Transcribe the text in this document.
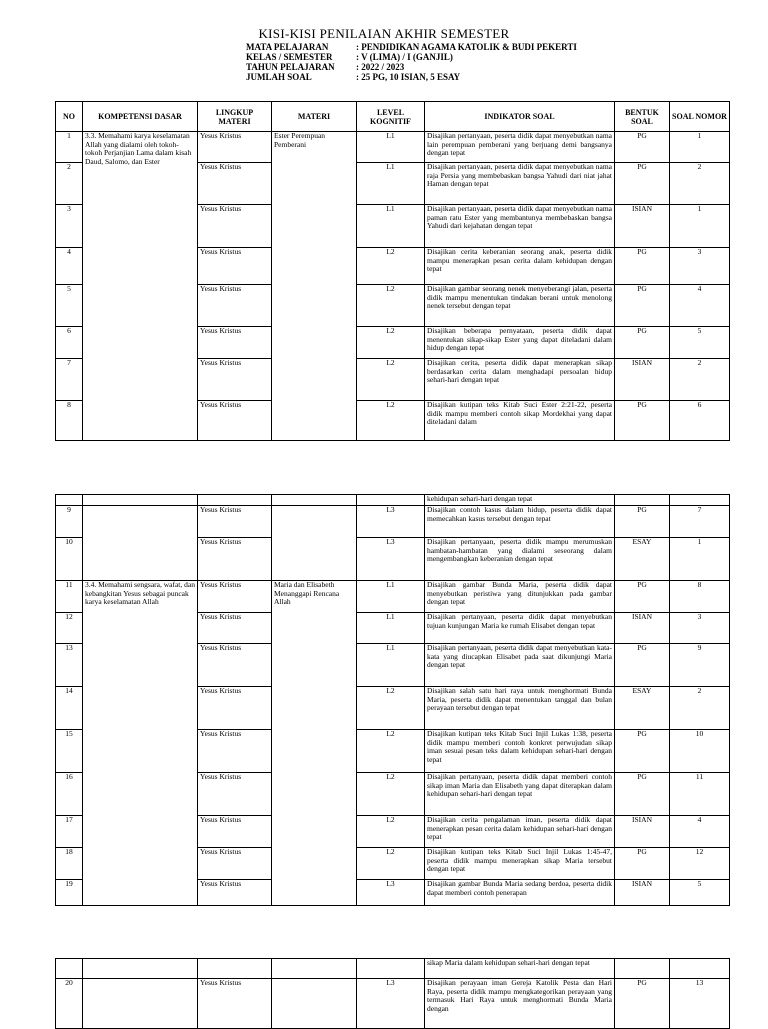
KISI-KISI PENILAIAN AKHIR SEMESTER
MATA PELAJARAN	: PENDIDIKAN AGAMA KATOLIK & BUDI PEKERTI
KELAS / SEMESTER	: V (LIMA) / I (GANJIL)
TAHUN PELAJARAN : 2022 / 2023
JUMLAH SOAL	: 25 PG, 10 ISIAN, 5 ESAY
NO	KOMPETENSI DASAR	LINGKUP MATERI	MATERI	LEVEL KOGNITIF	INDIKATOR SOAL	BENTUK SOAL	SOAL NOMOR
1	3.3. Memahami karya keselamatan Allah yang dialami oleh tokoh-tokoh Perjanjian Lama dalam kisah Daud, Salomo, dan Ester	Yesus Kristus	Ester Perempuan Pemberani	L1	Disajikan pertanyaan, peserta didik dapat menyebutkan nama lain perempuan pemberani yang berjuang demi bangsanya dengan tepat	PG	1
2		Yesus Kristus		L1	Disajikan pertanyaan, peserta didik dapat menyebutkan nama raja Persia yang membebaskan bangsa Yahudi dari niat jahat Haman dengan tepat	PG	2
3		Yesus Kristus		L1	Disajikan pertanyaan, peserta didik dapat menyebutkan nama paman ratu Ester yang membantunya membebaskan bangsa Yahudi dari kejahatan dengan tepat	ISIAN	1
4		Yesus Kristus		L2	Disajikan cerita keberanian seorang anak, peserta didik mampu menerapkan pesan cerita dalam kehidupan dengan tepat	PG	3
5		Yesus Kristus		L2	Disajikan gambar seorang nenek menyeberangi jalan, peserta didik mampu menentukan tindakan berani untuk menolong nenek tersebut dengan tepat	PG	4
6		Yesus Kristus		L2	Disajikan beberapa pernyataan, peserta didik dapat menentukan sikap-sikap Ester yang dapat diteladani dalam hidup dengan tepat	PG	5
7		Yesus Kristus		L2	Disajikan cerita, peserta didik dapat menerapkan sikap berdasarkan cerita dalam menghadapi persoalan hidup sehari-hari dengan tepat	ISIAN	2
8		Yesus Kristus		L2	Disajikan kutipan teks Kitab Suci Ester 2:21-22, peserta didik mampu memberi contoh sikap Mordekhai yang dapat diteladani dalam	PG	6
					kehidupan sehari-hari dengan tepat		
9		Yesus Kristus		L3	Disajikan contoh kasus dalam hidup, peserta didik dapat memecahkan kasus tersebut dengan tepat	PG	7
10		Yesus Kristus		L3	Disajikan pertanyaan, peserta didik mampu merumuskan hambatan-hambatan yang dialami seseorang dalam mengembangkan keberanian dengan tepat	ESAY	1
11	3.4. Memahami sengsara, wafat, dan kebangkitan Yesus sebagai puncak karya keselamatan Allah	Yesus Kristus	Maria dan Elisabeth Menanggapi Rencana Allah	L1	Disajikan gambar Bunda Maria, peserta didik dapat menyebutkan peristiwa yang ditunjukkan pada gambar dengan tepat	PG	8
12		Yesus Kristus		L1	Disajikan pertanyaan, peserta didik dapat menyebutkan tujuan kunjungan Maria ke rumah Elisabet dengan tepat	ISIAN	3
13		Yesus Kristus		L1	Disajikan pertanyaan, peserta didik dapat menyebutkan kata-kata yang diucapkan Elisabet pada saat dikunjungi Maria dengan tepat	PG	9
14		Yesus Kristus		L2	Disajikan salah satu hari raya untuk menghormati Bunda Maria, peserta didik dapat menentukan tanggal dan bulan perayaan tersebut dengan tepat	ESAY	2
15		Yesus Kristus		L2	Disajikan kutipan teks Kitab Suci Injil Lukas 1:38, peserta didik mampu memberi contoh konkret perwujudan sikap iman sesuai pesan teks dalam kehidupan sehari-hari dengan tepat	PG	10
16		Yesus Kristus		L2	Disajikan pertanyaan, peserta didik dapat memberi contoh sikap iman Maria dan Elisabeth yang dapat diterapkan dalam kehidupan sehari-hari dengan tepat	PG	11
17		Yesus Kristus		L2	Disajikan cerita pengalaman iman, peserta didik dapat menerapkan pesan cerita dalam kehidupan sehari-hari dengan tepat	ISIAN	4
18		Yesus Kristus		L2	Disajikan kutipan teks Kitab Suci Injil Lukas 1:45-47, peserta didik mampu menerapkan sikap Maria tersebut dengan tepat	PG	12
19		Yesus Kristus		L3	Disajikan gambar Bunda Maria sedang berdoa, peserta didik dapat memberi contoh penerapan	ISIAN	5
					sikap Maria dalam kehidupan sehari-hari dengan tepat		
20		Yesus Kristus		L3	Disajikan perayaan iman Gereja Katolik Pesta dan Hari Raya, peserta didik mampu mengkategorikan perayaan yang termasuk Hari Raya untuk menghormati Bunda Maria dengan	PG	13
